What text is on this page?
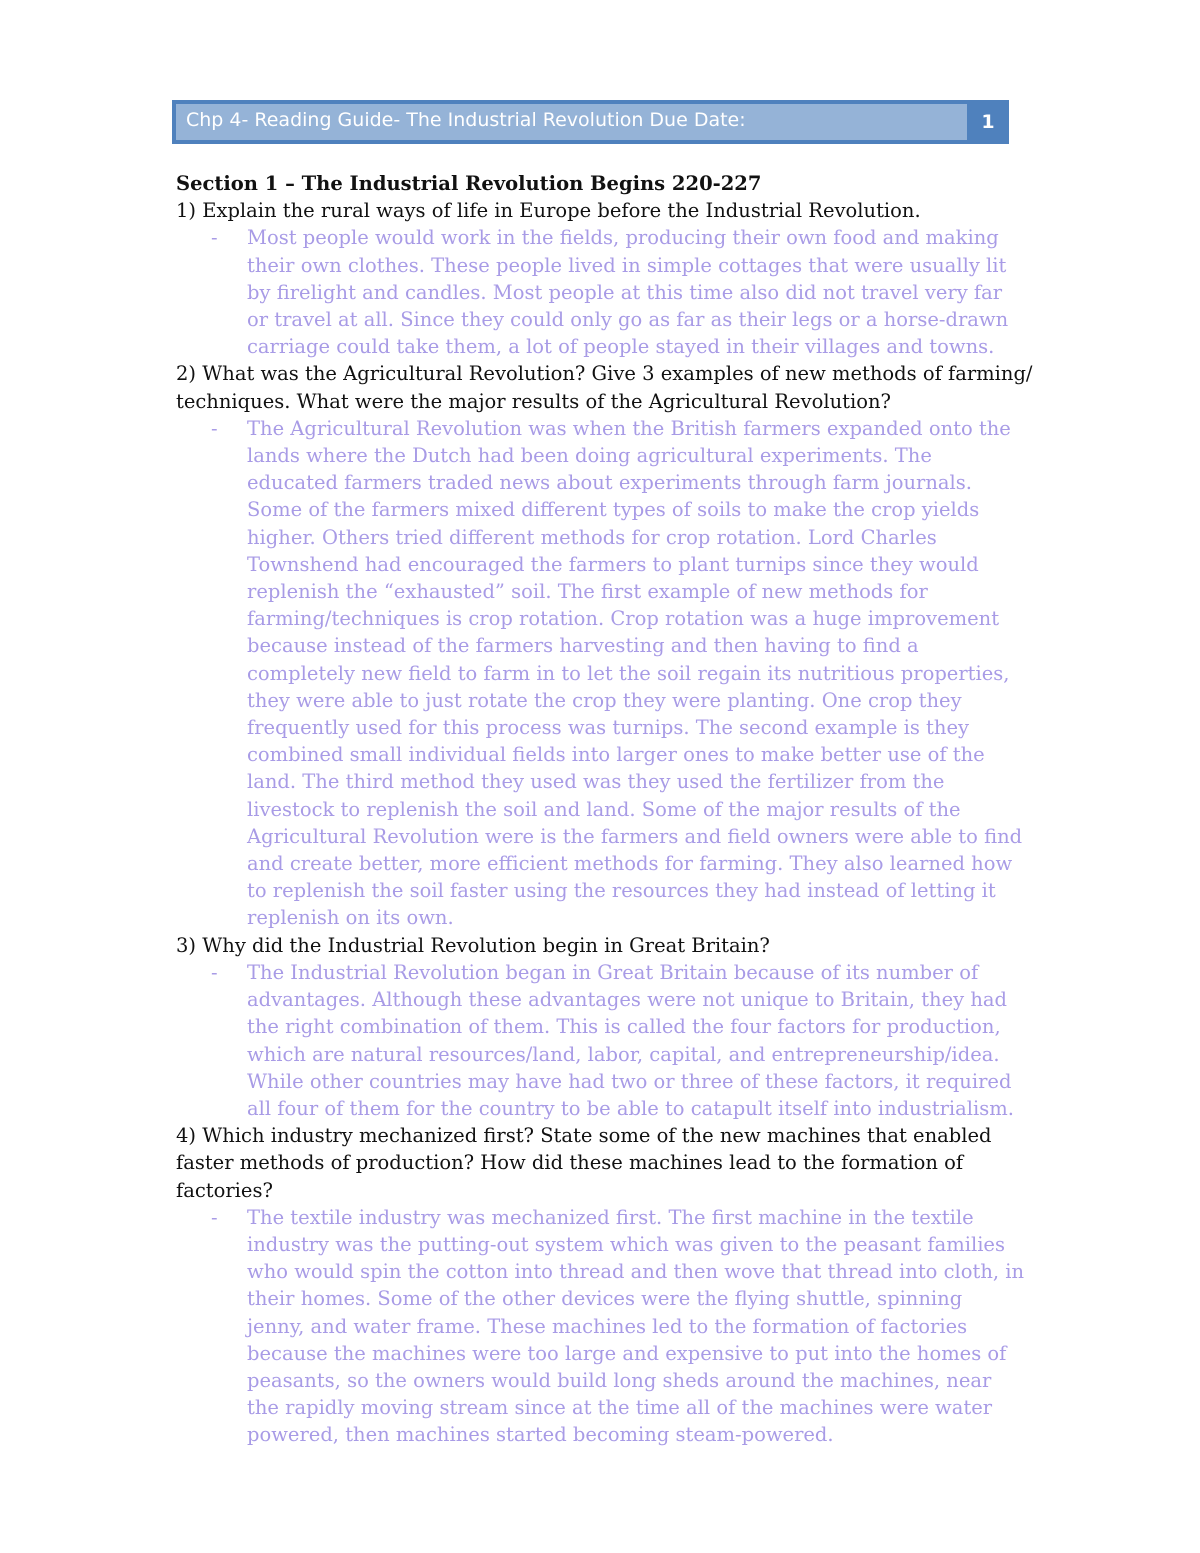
Chp 4- Reading Guide- The Industrial Revolution Due Date:	1

Section 1 – The Industrial Revolution Begins 220-227

1) Explain the rural ways of life in Europe before the Industrial Revolution.

- Most people would work in the fields, producing their own food and making their own clothes. These people lived in simple cottages that were usually lit by firelight and candles. Most people at this time also did not travel very far or travel at all. Since they could only go as far as their legs or a horse-drawn carriage could take them, a lot of people stayed in their villages and towns.

2) What was the Agricultural Revolution? Give 3 examples of new methods of farming/ techniques. What were the major results of the Agricultural Revolution?

- The Agricultural Revolution was when the British farmers expanded onto the lands where the Dutch had been doing agricultural experiments. The educated farmers traded news about experiments through farm journals. Some of the farmers mixed different types of soils to make the crop yields higher. Others tried different methods for crop rotation. Lord Charles Townshend had encouraged the farmers to plant turnips since they would replenish the “exhausted” soil. The first example of new methods for farming/techniques is crop rotation. Crop rotation was a huge improvement because instead of the farmers harvesting and then having to find a completely new field to farm in to let the soil regain its nutritious properties, they were able to just rotate the crop they were planting. One crop they frequently used for this process was turnips. The second example is they combined small individual fields into larger ones to make better use of the land. The third method they used was they used the fertilizer from the livestock to replenish the soil and land. Some of the major results of the Agricultural Revolution were is the farmers and field owners were able to find and create better, more efficient methods for farming. They also learned how to replenish the soil faster using the resources they had instead of letting it replenish on its own.

3) Why did the Industrial Revolution begin in Great Britain?

- The Industrial Revolution began in Great Britain because of its number of advantages. Although these advantages were not unique to Britain, they had the right combination of them. This is called the four factors for production, which are natural resources/land, labor, capital, and entrepreneurship/idea. While other countries may have had two or three of these factors, it required all four of them for the country to be able to catapult itself into industrialism.

4) Which industry mechanized first? State some of the new machines that enabled faster methods of production? How did these machines lead to the formation of factories?

- The textile industry was mechanized first. The first machine in the textile industry was the putting-out system which was given to the peasant families who would spin the cotton into thread and then wove that thread into cloth, in their homes. Some of the other devices were the flying shuttle, spinning jenny, and water frame. These machines led to the formation of factories because the machines were too large and expensive to put into the homes of peasants, so the owners would build long sheds around the machines, near the rapidly moving stream since at the time all of the machines were water powered, then machines started becoming steam-powered.
